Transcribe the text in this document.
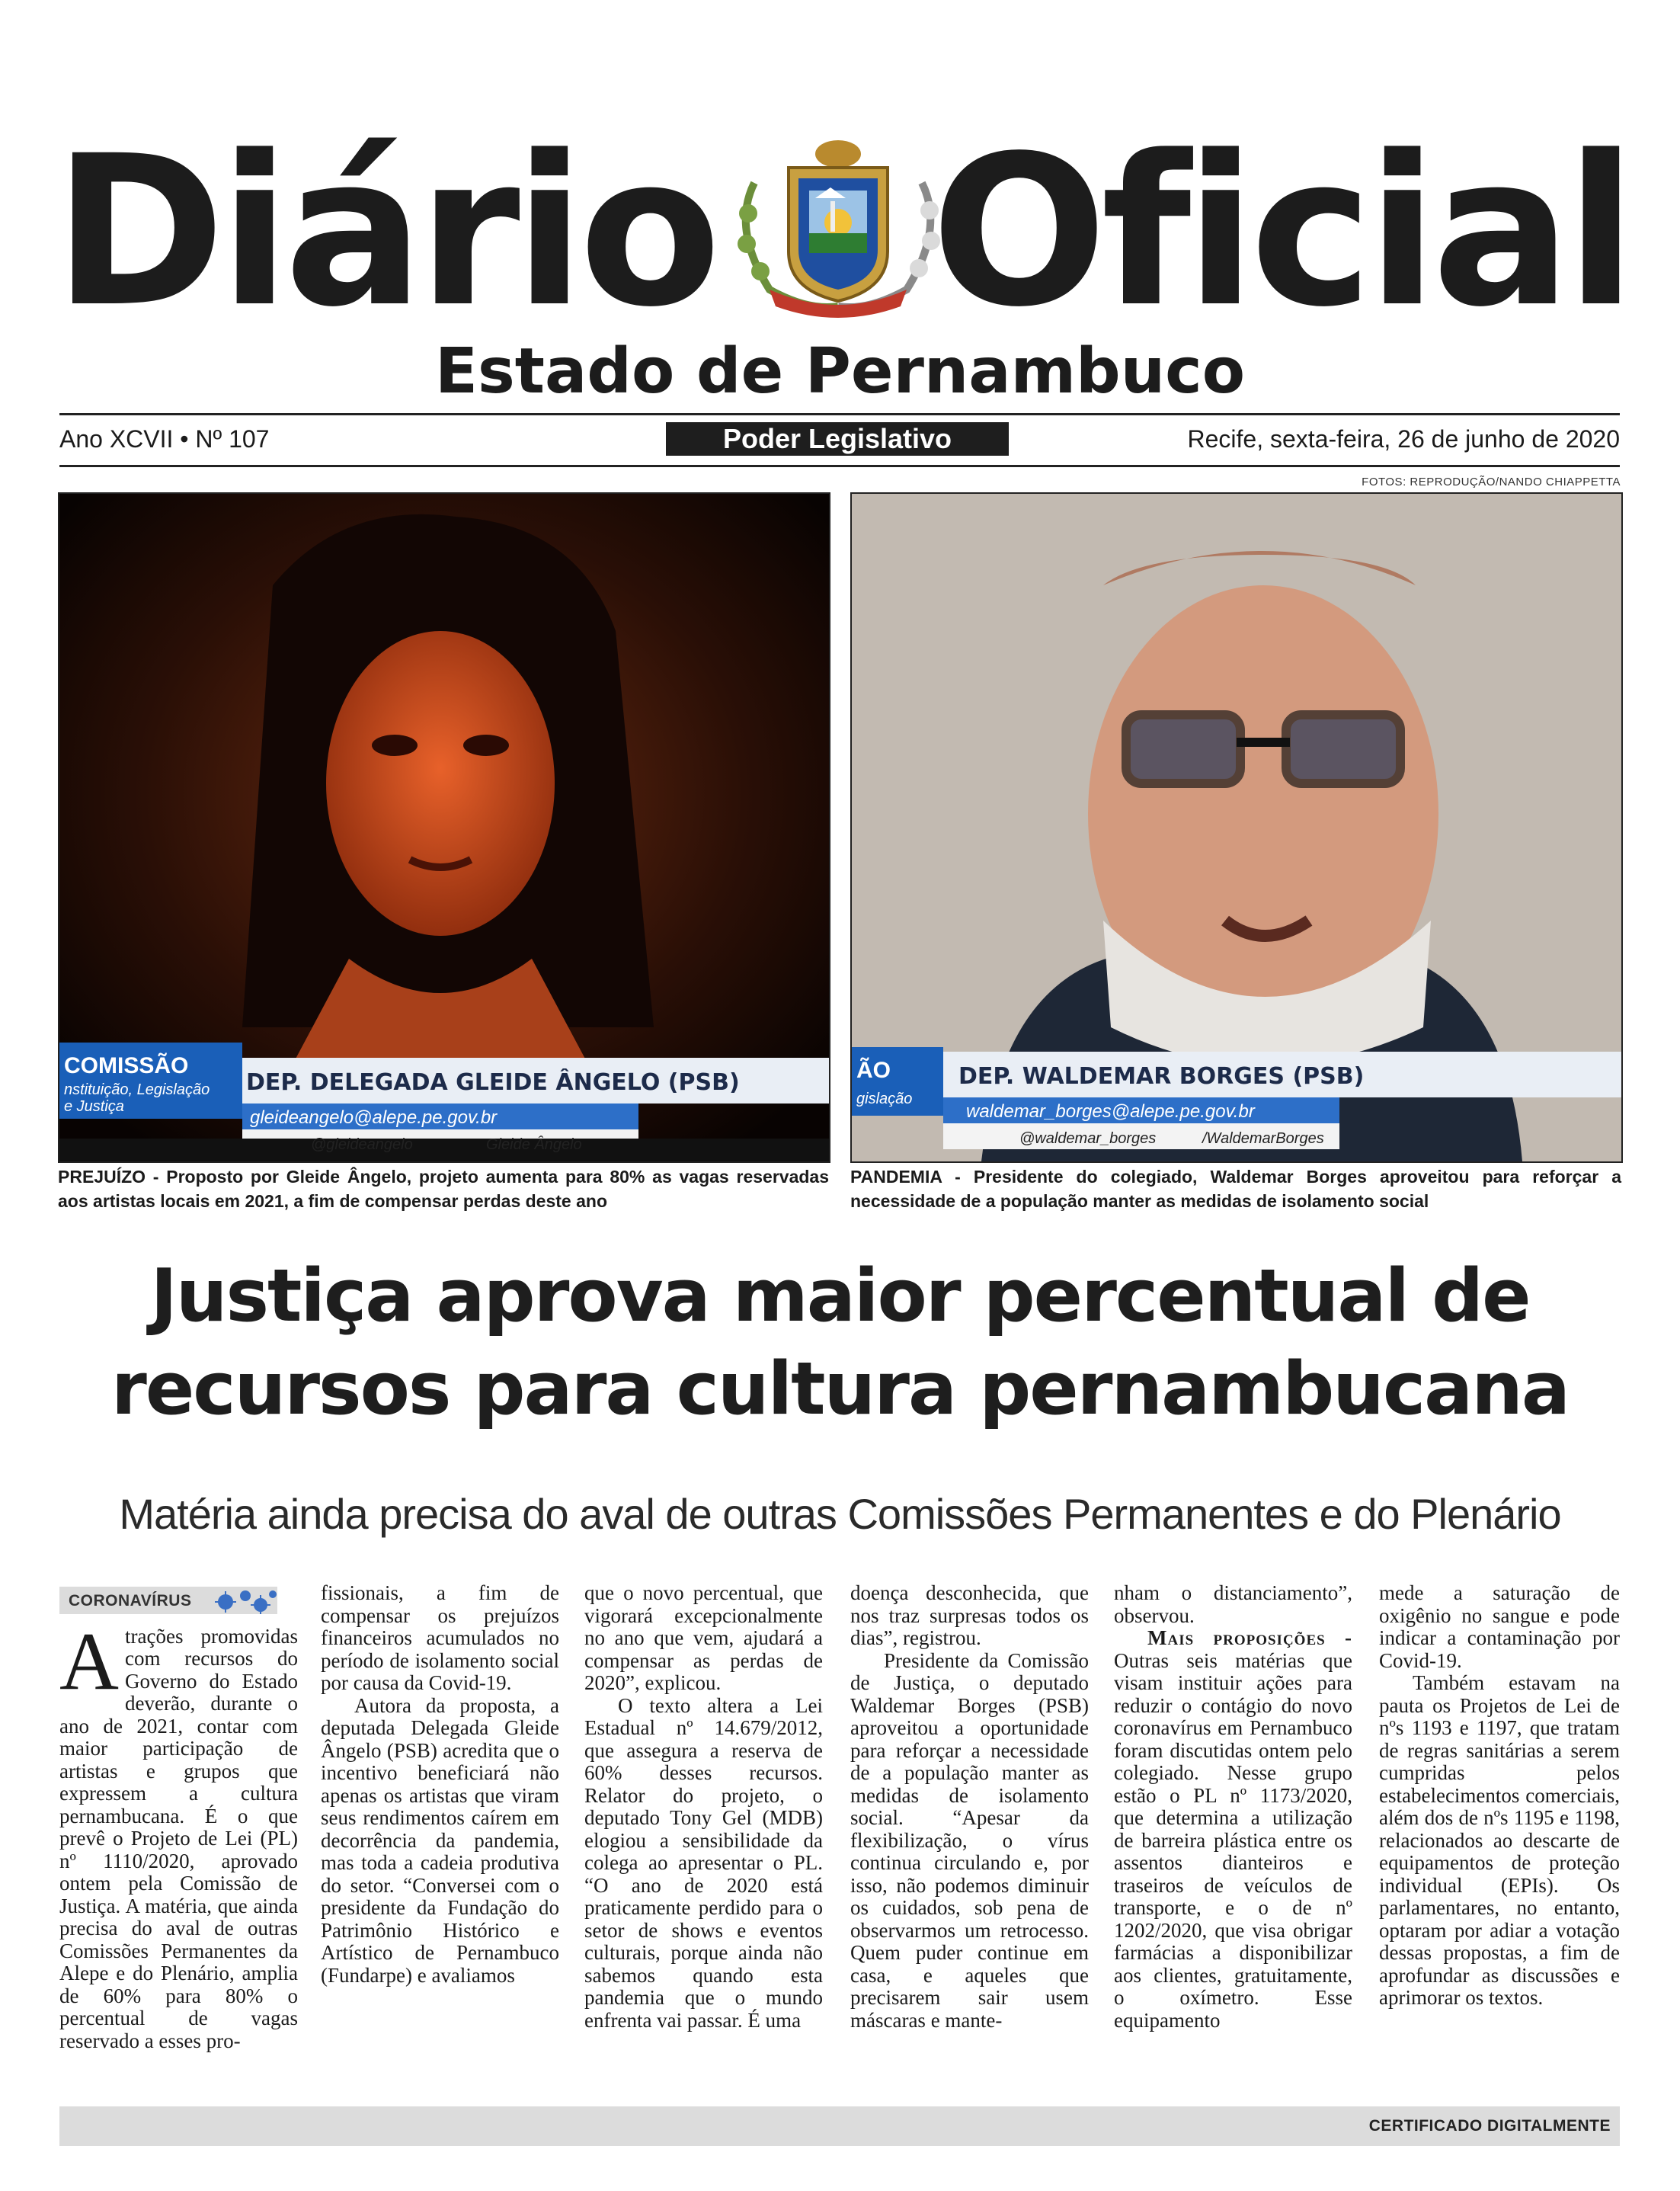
Diário Oficial
Estado de Pernambuco
Ano XCVII • Nº 107	Poder Legislativo	Recife, sexta-feira, 26 de junho de 2020
FOTOS: REPRODUÇÃO/NANDO CHIAPPETTA
COMISSÃO
nstituição, Legislação
e Justiça
DEP. DELEGADA GLEIDE ÂNGELO (PSB)
gleideangelo@alepe.pe.gov.br
@gleideangelo	Gleide Ângelo
PREJUÍZO - Proposto por Gleide Ângelo, projeto aumenta para 80% as vagas reservadas aos artistas locais em 2021, a fim de compensar perdas deste ano
ÃO
gislação
DEP. WALDEMAR BORGES (PSB)
waldemar_borges@alepe.pe.gov.br
@waldemar_borges	/WaldemarBorges
PANDEMIA - Presidente do colegiado, Waldemar Borges aproveitou para reforçar a necessidade de a população manter as medidas de isolamento social
Justiça aprova maior percentual de
recursos para cultura pernambucana
Matéria ainda precisa do aval de outras Comissões Permanentes e do Plenário
CORONAVÍRUS

Atrações promovidas com recursos do Governo do Estado deverão, durante o ano de 2021, contar com maior participação de artistas e grupos que expressem a cultura pernambucana. É o que prevê o Projeto de Lei (PL) nº 1110/2020, aprovado ontem pela Comissão de Justiça. A matéria, que ainda precisa do aval de outras Comissões Permanentes da Alepe e do Plenário, amplia de 60% para 80% o percentual de vagas reservado a esses pro-

fissionais, a fim de compensar os prejuízos financeiros acumulados no período de isolamento social por causa da Covid-19.

Autora da proposta, a deputada Delegada Gleide Ângelo (PSB) acredita que o incentivo beneficiará não apenas os artistas que viram seus rendimentos caírem em decorrência da pandemia, mas toda a cadeia produtiva do setor. “Conversei com o presidente da Fundação do Patrimônio Histórico e Artístico de Pernambuco (Fundarpe) e avaliamos

que o novo percentual, que vigorará excepcionalmente no ano que vem, ajudará a compensar as perdas de 2020”, explicou.

O texto altera a Lei Estadual nº 14.679/2012, que assegura a reserva de 60% desses recursos. Relator do projeto, o deputado Tony Gel (MDB) elogiou a sensibilidade da colega ao apresentar o PL. “O ano de 2020 está praticamente perdido para o setor de shows e eventos culturais, porque ainda não sabemos quando esta pandemia que o mundo enfrenta vai passar. É uma

doença desconhecida, que nos traz surpresas todos os dias”, registrou.

Presidente da Comissão de Justiça, o deputado Waldemar Borges (PSB) aproveitou a oportunidade para reforçar a necessidade de a população manter as medidas de isolamento social. “Apesar da flexibilização, o vírus continua circulando e, por isso, não podemos diminuir os cuidados, sob pena de observarmos um retrocesso. Quem puder continue em casa, e aqueles que precisarem sair usem máscaras e mante-

nham o distanciamento”, observou.

Mais proposições - Outras seis matérias que visam instituir ações para reduzir o contágio do novo coronavírus em Pernambuco foram discutidas ontem pelo colegiado. Nesse grupo estão o PL nº 1173/2020, que determina a utilização de barreira plástica entre os assentos dianteiros e traseiros de veículos de transporte, e o de nº 1202/2020, que visa obrigar farmácias a disponibilizar aos clientes, gratuitamente, o oxímetro. Esse equipamento

mede a saturação de oxigênio no sangue e pode indicar a contaminação por Covid-19.

Também estavam na pauta os Projetos de Lei de nºs 1193 e 1197, que tratam de regras sanitárias a serem cumpridas pelos estabelecimentos comerciais, além dos de nºs 1195 e 1198, relacionados ao descarte de equipamentos de proteção individual (EPIs). Os parlamentares, no entanto, optaram por adiar a votação dessas propostas, a fim de aprofundar as discussões e aprimorar os textos.

CERTIFICADO DIGITALMENTE
